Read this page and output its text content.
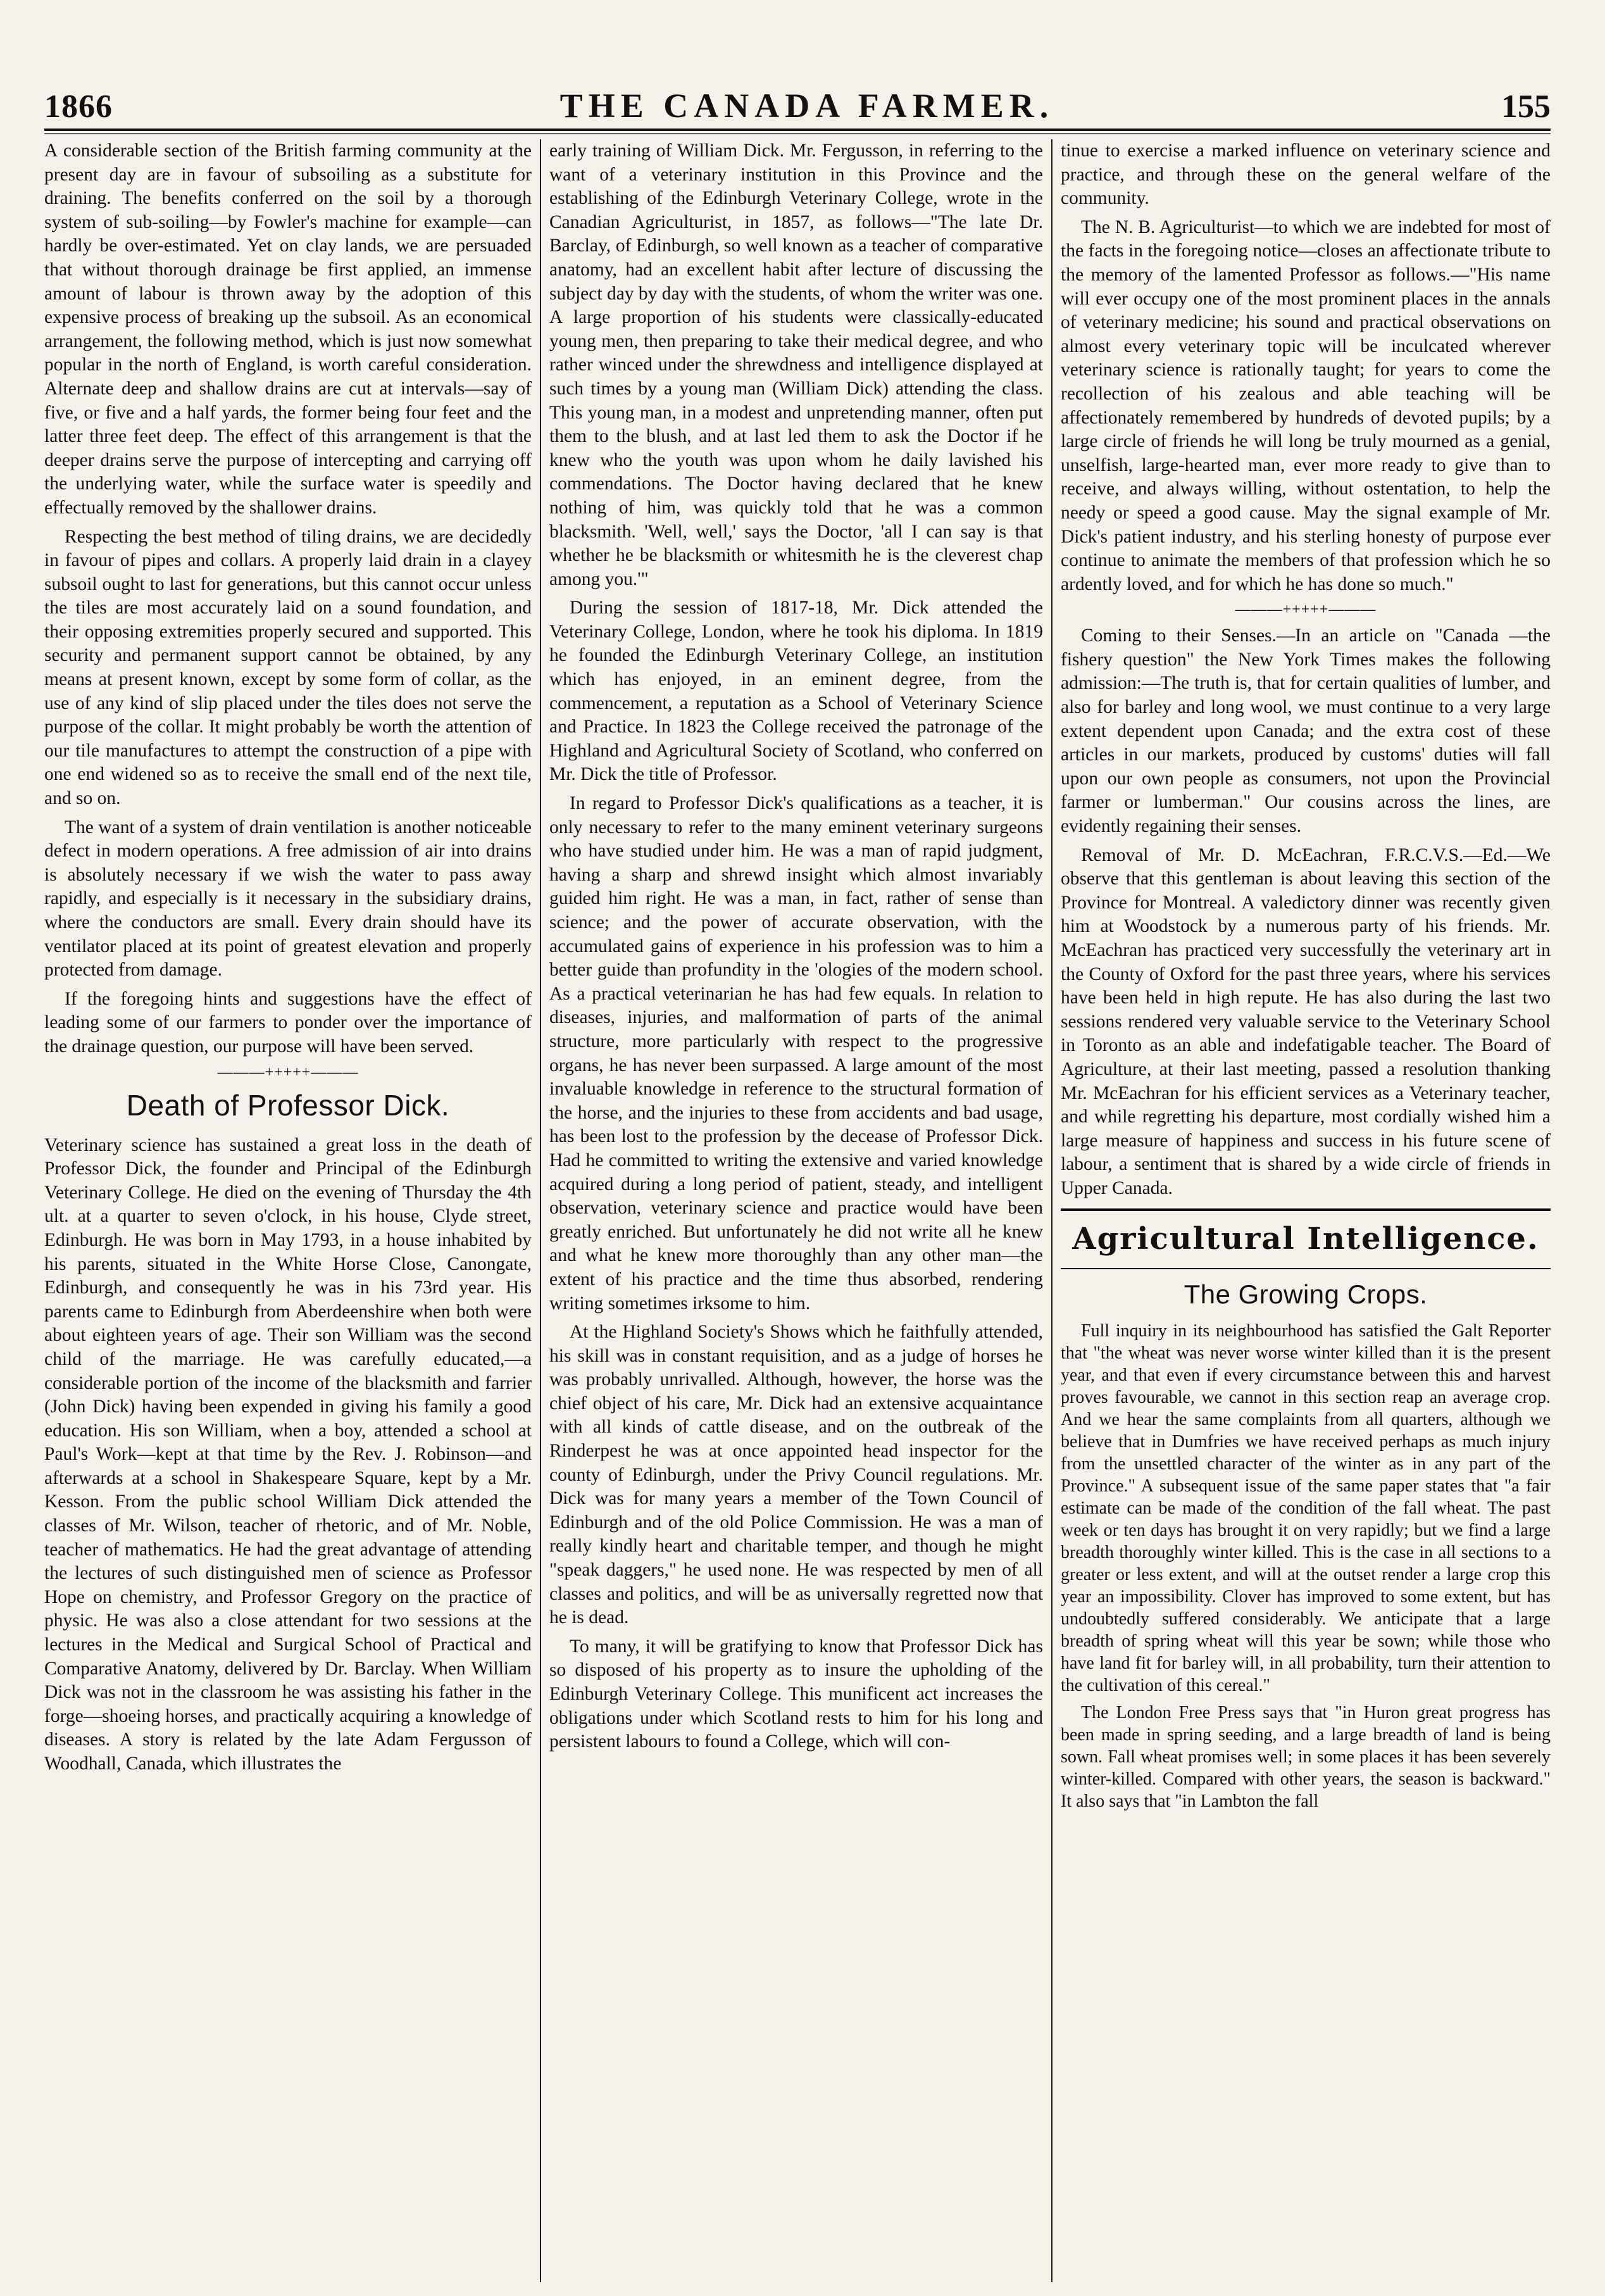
1866	THE CANADA FARMER.	155

A considerable section of the British farming community at the present day are in favour of subsoiling as a substitute for draining. The benefits conferred on the soil by a thorough system of sub-soiling—by Fowler's machine for example—can hardly be over-estimated. Yet on clay lands, we are persuaded that without thorough drainage be first applied, an immense amount of labour is thrown away by the adoption of this expensive process of breaking up the subsoil. As an economical arrangement, the following method, which is just now somewhat popular in the north of England, is worth careful consideration. Alternate deep and shallow drains are cut at intervals—say of five, or five and a half yards, the former being four feet and the latter three feet deep. The effect of this arrangement is that the deeper drains serve the purpose of intercepting and carrying off the underlying water, while the surface water is speedily and effectually removed by the shallower drains.

Respecting the best method of tiling drains, we are decidedly in favour of pipes and collars. A properly laid drain in a clayey subsoil ought to last for generations, but this cannot occur unless the tiles are most accurately laid on a sound foundation, and their opposing extremities properly secured and supported. This security and permanent support cannot be obtained, by any means at present known, except by some form of collar, as the use of any kind of slip placed under the tiles does not serve the purpose of the collar. It might probably be worth the attention of our tile manufactures to attempt the construction of a pipe with one end widened so as to receive the small end of the next tile, and so on.

The want of a system of drain ventilation is another noticeable defect in modern operations. A free admission of air into drains is absolutely necessary if we wish the water to pass away rapidly, and especially is it necessary in the subsidiary drains, where the conductors are small. Every drain should have its ventilator placed at its point of greatest elevation and properly protected from damage.

If the foregoing hints and suggestions have the effect of leading some of our farmers to ponder over the importance of the drainage question, our purpose will have been served.

———+++++———
Death of Professor Dick.

Veterinary science has sustained a great loss in the death of Professor Dick, the founder and Principal of the Edinburgh Veterinary College. He died on the evening of Thursday the 4th ult. at a quarter to seven o'clock, in his house, Clyde street, Edinburgh. He was born in May 1793, in a house inhabited by his parents, situated in the White Horse Close, Canongate, Edinburgh, and consequently he was in his 73rd year. His parents came to Edinburgh from Aberdeenshire when both were about eighteen years of age. Their son William was the second child of the marriage. He was carefully educated,—a considerable portion of the income of the blacksmith and farrier (John Dick) having been expended in giving his family a good education. His son William, when a boy, attended a school at Paul's Work—kept at that time by the Rev. J. Robinson—and afterwards at a school in Shakespeare Square, kept by a Mr. Kesson. From the public school William Dick attended the classes of Mr. Wilson, teacher of rhetoric, and of Mr. Noble, teacher of mathematics. He had the great advantage of attending the lectures of such distinguished men of science as Professor Hope on chemistry, and Professor Gregory on the practice of physic. He was also a close attendant for two sessions at the lectures in the Medical and Surgical School of Practical and Comparative Anatomy, delivered by Dr. Barclay. When William Dick was not in the classroom he was assisting his father in the forge—shoeing horses, and practically acquiring a knowledge of diseases. A story is related by the late Adam Fergusson of Woodhall, Canada, which illustrates the

early training of William Dick. Mr. Fergusson, in referring to the want of a veterinary institution in this Province and the establishing of the Edinburgh Veterinary College, wrote in the Canadian Agriculturist, in 1857, as follows—"The late Dr. Barclay, of Edinburgh, so well known as a teacher of comparative anatomy, had an excellent habit after lecture of discussing the subject day by day with the students, of whom the writer was one. A large proportion of his students were classically-educated young men, then preparing to take their medical degree, and who rather winced under the shrewdness and intelligence displayed at such times by a young man (William Dick) attending the class. This young man, in a modest and unpretending manner, often put them to the blush, and at last led them to ask the Doctor if he knew who the youth was upon whom he daily lavished his commendations. The Doctor having declared that he knew nothing of him, was quickly told that he was a common blacksmith. 'Well, well,' says the Doctor, 'all I can say is that whether he be blacksmith or whitesmith he is the cleverest chap among you.'"

During the session of 1817-18, Mr. Dick attended the Veterinary College, London, where he took his diploma. In 1819 he founded the Edinburgh Veterinary College, an institution which has enjoyed, in an eminent degree, from the commencement, a reputation as a School of Veterinary Science and Practice. In 1823 the College received the patronage of the Highland and Agricultural Society of Scotland, who conferred on Mr. Dick the title of Professor.

In regard to Professor Dick's qualifications as a teacher, it is only necessary to refer to the many eminent veterinary surgeons who have studied under him. He was a man of rapid judgment, having a sharp and shrewd insight which almost invariably guided him right. He was a man, in fact, rather of sense than science; and the power of accurate observation, with the accumulated gains of experience in his profession was to him a better guide than profundity in the 'ologies of the modern school. As a practical veterinarian he has had few equals. In relation to diseases, injuries, and malformation of parts of the animal structure, more particularly with respect to the progressive organs, he has never been surpassed. A large amount of the most invaluable knowledge in reference to the structural formation of the horse, and the injuries to these from accidents and bad usage, has been lost to the profession by the decease of Professor Dick. Had he committed to writing the extensive and varied knowledge acquired during a long period of patient, steady, and intelligent observation, veterinary science and practice would have been greatly enriched. But unfortunately he did not write all he knew and what he knew more thoroughly than any other man—the extent of his practice and the time thus absorbed, rendering writing sometimes irksome to him.

At the Highland Society's Shows which he faithfully attended, his skill was in constant requisition, and as a judge of horses he was probably unrivalled. Although, however, the horse was the chief object of his care, Mr. Dick had an extensive acquaintance with all kinds of cattle disease, and on the outbreak of the Rinderpest he was at once appointed head inspector for the county of Edinburgh, under the Privy Council regulations. Mr. Dick was for many years a member of the Town Council of Edinburgh and of the old Police Commission. He was a man of really kindly heart and charitable temper, and though he might "speak daggers," he used none. He was respected by men of all classes and politics, and will be as universally regretted now that he is dead.

To many, it will be gratifying to know that Professor Dick has so disposed of his property as to insure the upholding of the Edinburgh Veterinary College. This munificent act increases the obligations under which Scotland rests to him for his long and persistent labours to found a College, which will con-

tinue to exercise a marked influence on veterinary science and practice, and through these on the general welfare of the community.

The N. B. Agriculturist—to which we are indebted for most of the facts in the foregoing notice—closes an affectionate tribute to the memory of the lamented Professor as follows.—"His name will ever occupy one of the most prominent places in the annals of veterinary medicine; his sound and practical observations on almost every veterinary topic will be inculcated wherever veterinary science is rationally taught; for years to come the recollection of his zealous and able teaching will be affectionately remembered by hundreds of devoted pupils; by a large circle of friends he will long be truly mourned as a genial, unselfish, large-hearted man, ever more ready to give than to receive, and always willing, without ostentation, to help the needy or speed a good cause. May the signal example of Mr. Dick's patient industry, and his sterling honesty of purpose ever continue to animate the members of that profession which he so ardently loved, and for which he has done so much."

———+++++———

Coming to their Senses.—In an article on "Canada —the fishery question" the New York Times makes the following admission:—The truth is, that for certain qualities of lumber, and also for barley and long wool, we must continue to a very large extent dependent upon Canada; and the extra cost of these articles in our markets, produced by customs' duties will fall upon our own people as consumers, not upon the Provincial farmer or lumberman." Our cousins across the lines, are evidently regaining their senses.

Removal of Mr. D. McEachran, F.R.C.V.S.—Ed.—We observe that this gentleman is about leaving this section of the Province for Montreal. A valedictory dinner was recently given him at Woodstock by a numerous party of his friends. Mr. McEachran has practiced very successfully the veterinary art in the County of Oxford for the past three years, where his services have been held in high repute. He has also during the last two sessions rendered very valuable service to the Veterinary School in Toronto as an able and indefatigable teacher. The Board of Agriculture, at their last meeting, passed a resolution thanking Mr. McEachran for his efficient services as a Veterinary teacher, and while regretting his departure, most cordially wished him a large measure of happiness and success in his future scene of labour, a sentiment that is shared by a wide circle of friends in Upper Canada.

Agricultural Intelligence.
The Growing Crops.

Full inquiry in its neighbourhood has satisfied the Galt Reporter that "the wheat was never worse winter killed than it is the present year, and that even if every circumstance between this and harvest proves favourable, we cannot in this section reap an average crop. And we hear the same complaints from all quarters, although we believe that in Dumfries we have received perhaps as much injury from the unsettled character of the winter as in any part of the Province." A subsequent issue of the same paper states that "a fair estimate can be made of the condition of the fall wheat. The past week or ten days has brought it on very rapidly; but we find a large breadth thoroughly winter killed. This is the case in all sections to a greater or less extent, and will at the outset render a large crop this year an impossibility. Clover has improved to some extent, but has undoubtedly suffered considerably. We anticipate that a large breadth of spring wheat will this year be sown; while those who have land fit for barley will, in all probability, turn their attention to the cultivation of this cereal."

The London Free Press says that "in Huron great progress has been made in spring seeding, and a large breadth of land is being sown. Fall wheat promises well; in some places it has been severely winter-killed. Compared with other years, the season is backward." It also says that "in Lambton the fall
